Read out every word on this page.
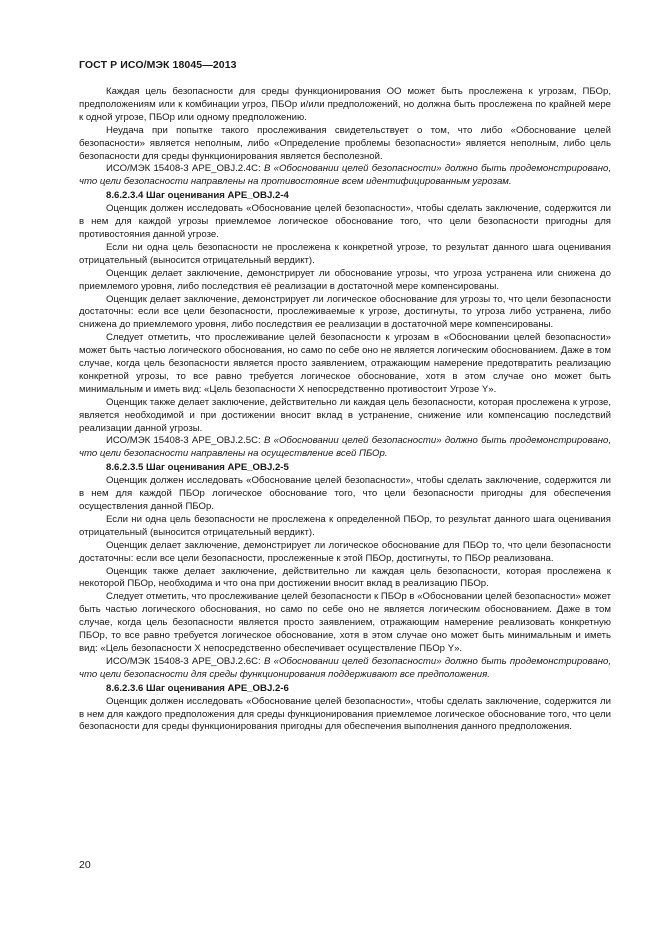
ГОСТ Р ИСО/МЭК 18045—2013

Каждая цель безопасности для среды функционирования ОО может быть прослежена к угрозам, ПБОр, предположениям или к комбинации угроз, ПБОр и/или предположений, но должна быть прослежена по крайней мере к одной угрозе, ПБОр или одному предположению.

Неудача при попытке такого прослеживания свидетельствует о том, что либо «Обоснование целей безопасности» является неполным, либо «Определение проблемы безопасности» является неполным, либо цель безопасности для среды функционирования является бесполезной.

ИСО/МЭК 15408-3 APE_OBJ.2.4C: В «Обосновании целей безопасности» должно быть продемонстрировано, что цели безопасности направлены на противостояние всем идентифицированным угрозам.

8.6.2.3.4 Шаг оценивания APE_OBJ.2-4

Оценщик должен исследовать «Обоснование целей безопасности», чтобы сделать заключение, содержится ли в нем для каждой угрозы приемлемое логическое обоснование того, что цели безопасности пригодны для противостояния данной угрозе.

Если ни одна цель безопасности не прослежена к конкретной угрозе, то результат данного шага оценивания отрицательный (выносится отрицательный вердикт).

Оценщик делает заключение, демонстрирует ли обоснование угрозы, что угроза устранена или снижена до приемлемого уровня, либо последствия её реализации в достаточной мере компенсированы.

Оценщик делает заключение, демонстрирует ли логическое обоснование для угрозы то, что цели безопасности достаточны: если все цели безопасности, прослеживаемые к угрозе, достигнуты, то угроза либо устранена, либо снижена до приемлемого уровня, либо последствия ее реализации в достаточной мере компенсированы.

Следует отметить, что прослеживание целей безопасности к угрозам в «Обосновании целей безопасности» может быть частью логического обоснования, но само по себе оно не является логическим обоснованием. Даже в том случае, когда цель безопасности является просто заявлением, отражающим намерение предотвратить реализацию конкретной угрозы, то все равно требуется логическое обоснование, хотя в этом случае оно может быть минимальным и иметь вид: «Цель безопасности X непосредственно противостоит Угрозе Y».

Оценщик также делает заключение, действительно ли каждая цель безопасности, которая прослежена к угрозе, является необходимой и при достижении вносит вклад в устранение, снижение или компенсацию последствий реализации данной угрозы.

ИСО/МЭК 15408-3 APE_OBJ.2.5C: В «Обосновании целей безопасности» должно быть продемонстрировано, что цели безопасности направлены на осуществление всей ПБОр.

8.6.2.3.5 Шаг оценивания APE_OBJ.2-5

Оценщик должен исследовать «Обоснование целей безопасности», чтобы сделать заключение, содержится ли в нем для каждой ПБОр логическое обоснование того, что цели безопасности пригодны для обеспечения осуществления данной ПБОр.

Если ни одна цель безопасности не прослежена к определенной ПБОр, то результат данного шага оценивания отрицательный (выносится отрицательный вердикт).

Оценщик делает заключение, демонстрирует ли логическое обоснование для ПБОр то, что цели безопасности достаточны: если все цели безопасности, прослеженные к этой ПБОр, достигнуты, то ПБОр реализована.

Оценщик также делает заключение, действительно ли каждая цель безопасности, которая прослежена к некоторой ПБОр, необходима и что она при достижении вносит вклад в реализацию ПБОр.

Следует отметить, что прослеживание целей безопасности к ПБОр в «Обосновании целей безопасности» может быть частью логического обоснования, но само по себе оно не является логическим обоснованием. Даже в том случае, когда цель безопасности является просто заявлением, отражающим намерение реализовать конкретную ПБОр, то все равно требуется логическое обоснование, хотя в этом случае оно может быть минимальным и иметь вид: «Цель безопасности X непосредственно обеспечивает осуществление ПБОр Y».

ИСО/МЭК 15408-3 APE_OBJ.2.6C: В «Обосновании целей безопасности» должно быть продемонстрировано, что цели безопасности для среды функционирования поддерживают все предположения.

8.6.2.3.6 Шаг оценивания APE_OBJ.2-6

Оценщик должен исследовать «Обоснование целей безопасности», чтобы сделать заключение, содержится ли в нем для каждого предположения для среды функционирования приемлемое логическое обоснование того, что цели безопасности для среды функционирования пригодны для обеспечения выполнения данного предположения.

20
